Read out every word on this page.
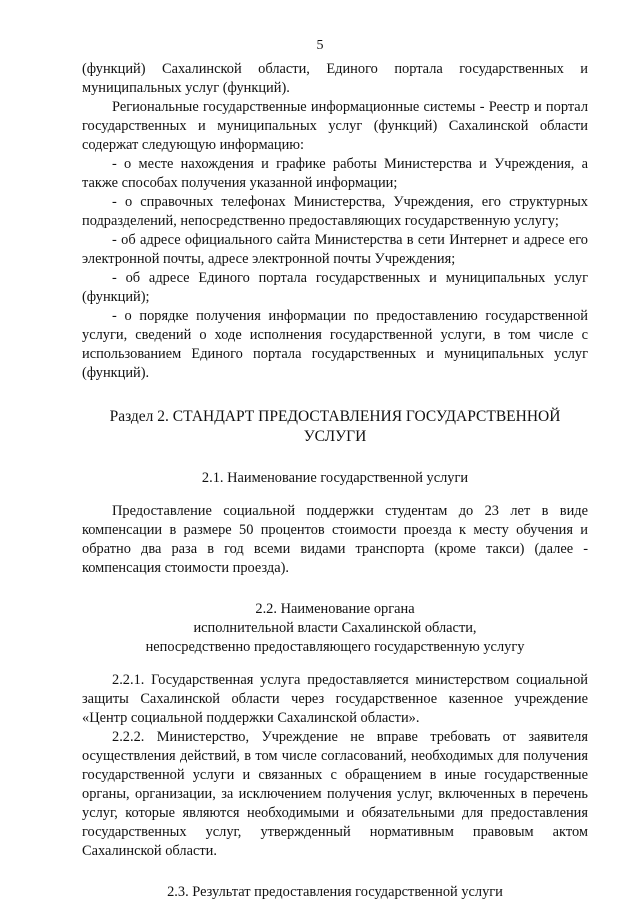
5

(функций) Сахалинской области, Единого портала государственных и муниципальных услуг (функций).

Региональные государственные информационные системы - Реестр и портал государственных и муниципальных услуг (функций) Сахалинской области содержат следующую информацию:

- о месте нахождения и графике работы Министерства и Учреждения, а также способах получения указанной информации;

- о справочных телефонах Министерства, Учреждения, его структурных подразделений, непосредственно предоставляющих государственную услугу;

- об адресе официального сайта Министерства в сети Интернет и адресе его электронной почты, адресе электронной почты Учреждения;

- об адресе Единого портала государственных и муниципальных услуг (функций);

- о порядке получения информации по предоставлению государственной услуги, сведений о ходе исполнения государственной услуги, в том числе с использованием Единого портала государственных и муниципальных услуг (функций).

Раздел 2. СТАНДАРТ ПРЕДОСТАВЛЕНИЯ ГОСУДАРСТВЕННОЙ УСЛУГИ

2.1. Наименование государственной услуги

Предоставление социальной поддержки студентам до 23 лет в виде компенсации в размере 50 процентов стоимости проезда к месту обучения и обратно два раза в год всеми видами транспорта (кроме такси) (далее - компенсация стоимости проезда).

2.2. Наименование органа
исполнительной власти Сахалинской области,
непосредственно предоставляющего государственную услугу

2.2.1. Государственная услуга предоставляется министерством социальной защиты Сахалинской области через государственное казенное учреждение «Центр социальной поддержки Сахалинской области».

2.2.2. Министерство, Учреждение не вправе требовать от заявителя осуществления действий, в том числе согласований, необходимых для получения государственной услуги и связанных с обращением в иные государственные органы, организации, за исключением получения услуг, включенных в перечень услуг, которые являются необходимыми и обязательными для предоставления государственных услуг, утвержденный нормативным правовым актом Сахалинской области.

2.3. Результат предоставления государственной услуги
